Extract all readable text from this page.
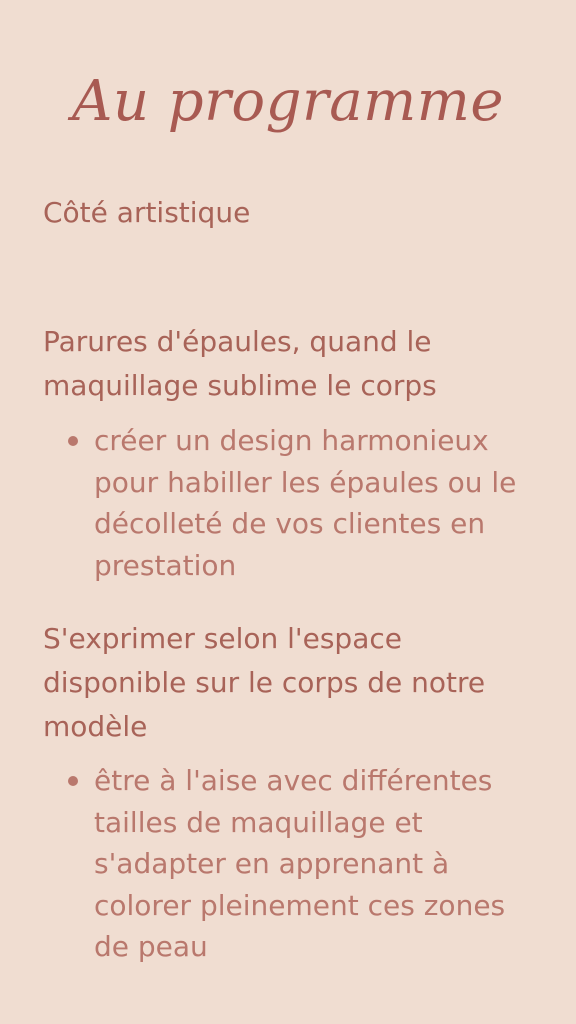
Au programme
Côté artistique
Parures d'épaules, quand le maquillage sublime le corps
créer un design harmonieux pour habiller les épaules ou le décolleté de vos clientes en prestation
S'exprimer selon l'espace disponible sur le corps de notre modèle
être à l'aise avec différentes tailles de maquillage et s'adapter en apprenant à colorer pleinement ces zones de peau
